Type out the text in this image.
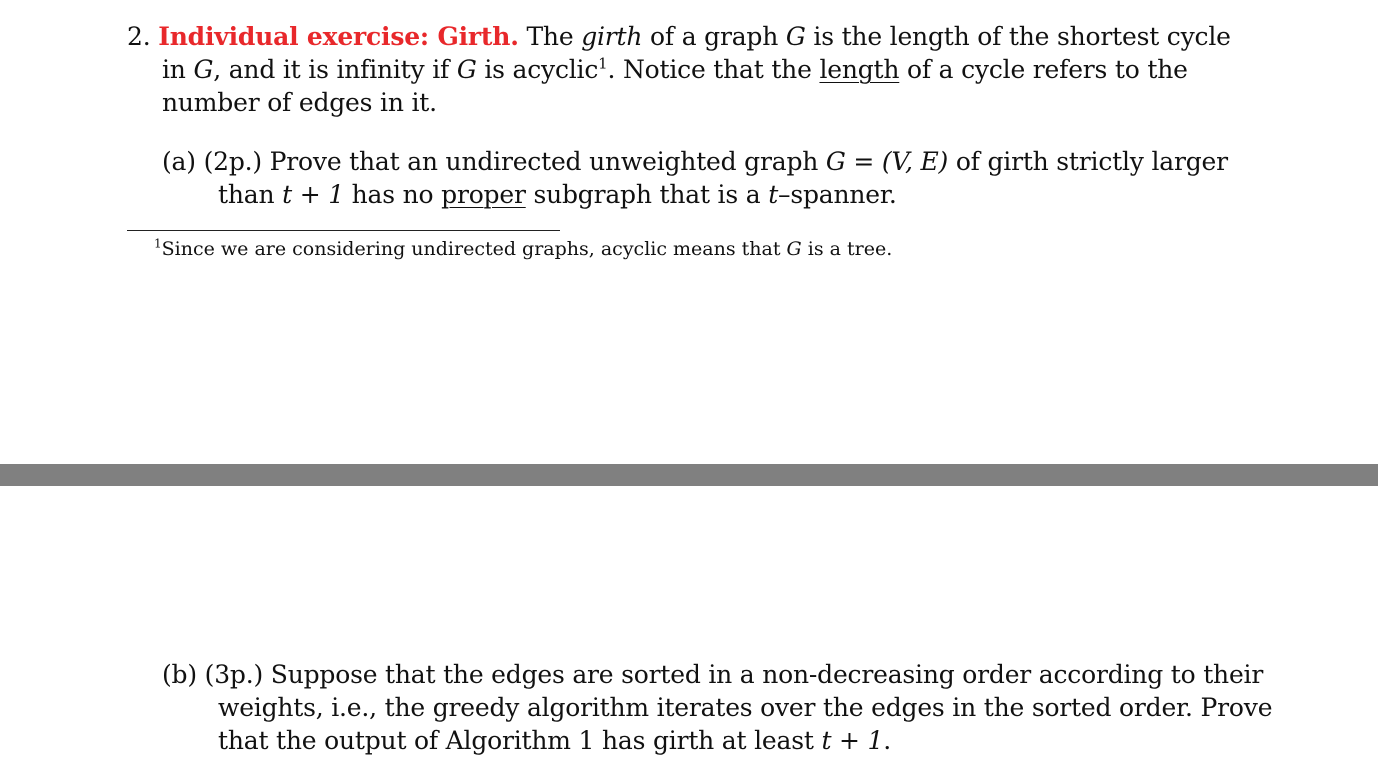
2. Individual exercise: Girth. The girth of a graph G is the length of the shortest cycle
in G, and it is infinity if G is acyclic$^1$. Notice that the length of a cycle refers to the
number of edges in it.
(a) (2p.) Prove that an undirected unweighted graph G = (V, E) of girth strictly larger
than t + 1 has no proper subgraph that is a t–spanner.
$^1$Since we are considering undirected graphs, acyclic means that G is a tree.
(b) (3p.) Suppose that the edges are sorted in a non-decreasing order according to their
weights, i.e., the greedy algorithm iterates over the edges in the sorted order. Prove
that the output of Algorithm 1 has girth at least t + 1.
